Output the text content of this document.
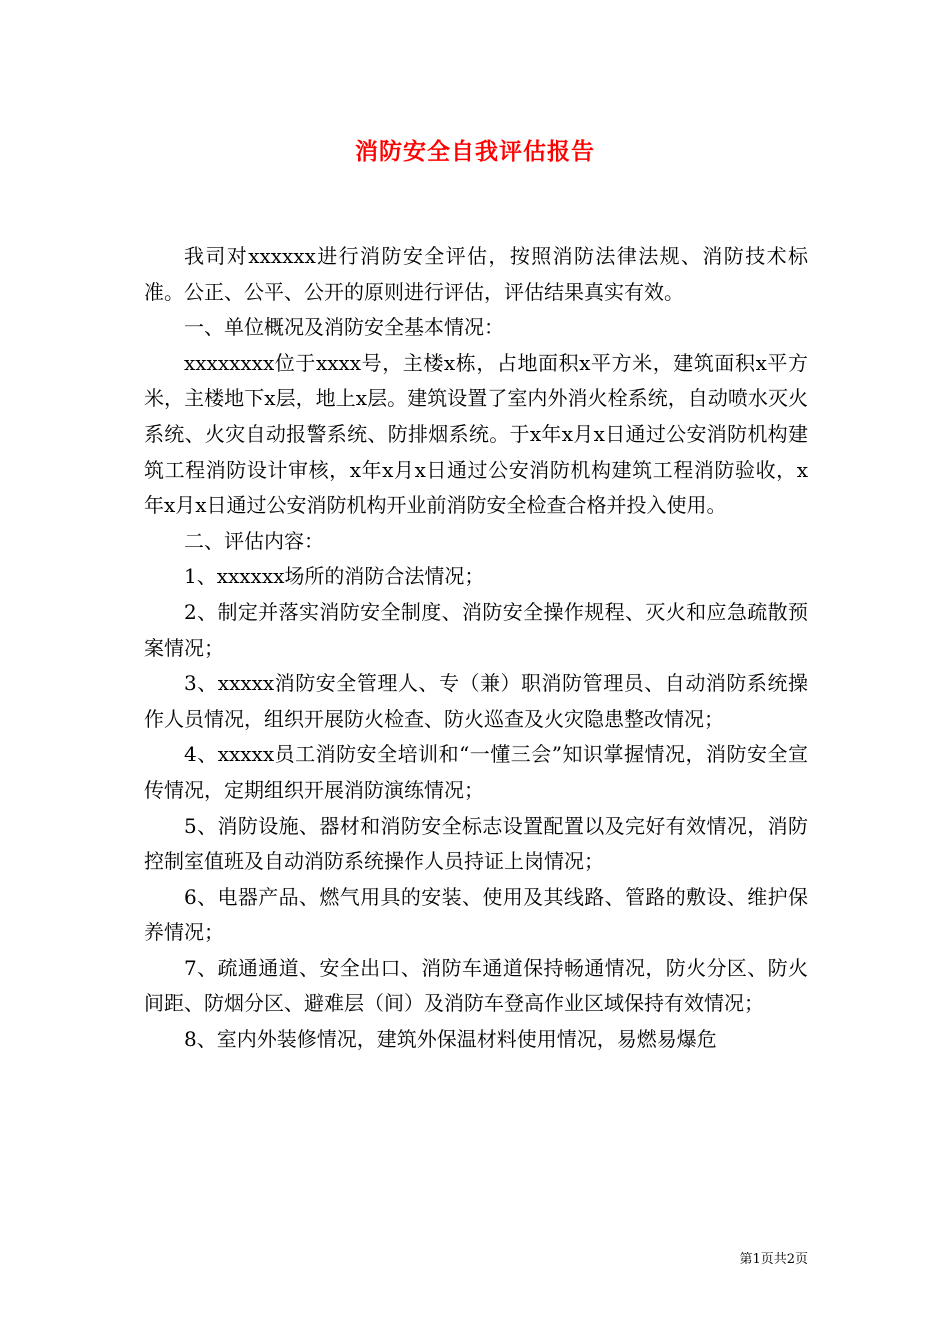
消防安全自我评估报告

我司对xxxxxx进行消防安全评估，按照消防法律法规、消防技术标准。公正、公平、公开的原则进行评估，评估结果真实有效。

一、单位概况及消防安全基本情况：

xxxxxxxx位于xxxx号，主楼x栋，占地面积x平方米，建筑面积x平方米，主楼地下x层，地上x层。建筑设置了室内外消火栓系统，自动喷水灭火系统、火灾自动报警系统、防排烟系统。于x年x月x日通过公安消防机构建筑工程消防设计审核，x年x月x日通过公安消防机构建筑工程消防验收，x年x月x日通过公安消防机构开业前消防安全检查合格并投入使用。

二、评估内容：

1、xxxxxx场所的消防合法情况；

2、制定并落实消防安全制度、消防安全操作规程、灭火和应急疏散预案情况；

3、xxxxx消防安全管理人、专（兼）职消防管理员、自动消防系统操作人员情况，组织开展防火检查、防火巡查及火灾隐患整改情况；

4、xxxxx员工消防安全培训和“一懂三会”知识掌握情况，消防安全宣传情况，定期组织开展消防演练情况；

5、消防设施、器材和消防安全标志设置配置以及完好有效情况，消防控制室值班及自动消防系统操作人员持证上岗情况；

6、电器产品、燃气用具的安装、使用及其线路、管路的敷设、维护保养情况；

7、疏通通道、安全出口、消防车通道保持畅通情况，防火分区、防火间距、防烟分区、避难层（间）及消防车登高作业区域保持有效情况；

8、室内外装修情况，建筑外保温材料使用情况，易燃易爆危

第1页共2页
